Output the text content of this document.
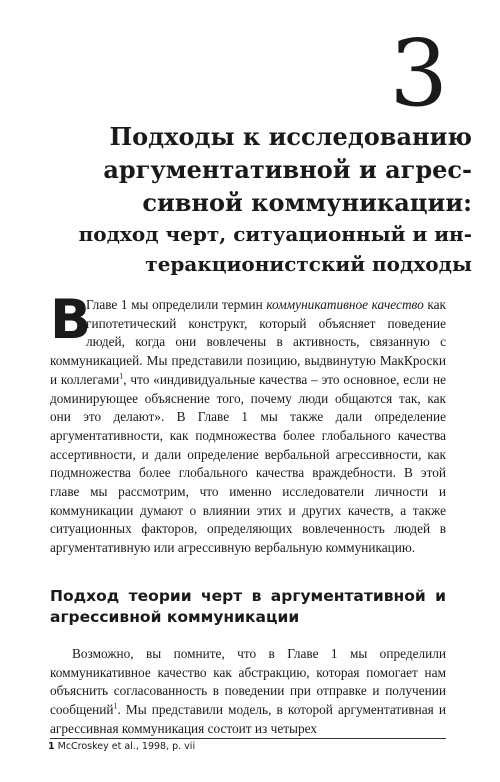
3
Подходы к исследованию
аргументативной и агрес-
сивной коммуникации:
подход черт, ситуационный и ин-
теракционистский подходы

В
Главе 1 мы определили термин коммуникативное качество как гипотетический конструкт, который объясняет поведение людей, когда они вовлечены в активность, связанную с коммуникацией. Мы представили позицию, выдвинутую МакКроски и коллегами$^1$, что «индивидуальные качества – это основное, если не доминирующее объяснение того, почему люди общаются так, как они это делают». В Главе 1 мы также дали определение аргументативности, как подмножества более глобального качества ассертивности, и дали определение вербальной агрессивности, как подмножества более глобального качества враждебности. В этой главе мы рассмотрим, что именно исследователи личности и коммуникации думают о влиянии этих и других качеств, а также ситуационных факторов, определяющих вовлеченность людей в аргументативную или агрессивную вербальную коммуникацию.

Подход теории черт в аргументативной и агрессивной коммуникации

Возможно, вы помните, что в Главе 1 мы определили коммуникативное качество как абстракцию, которая помогает нам объяснить согласованность в поведении при отправке и получении сообщений$^1$. Мы представили модель, в которой аргументативная и агрессивная коммуникация состоит из четырех

1 McCroskey et al., 1998, p. vii
